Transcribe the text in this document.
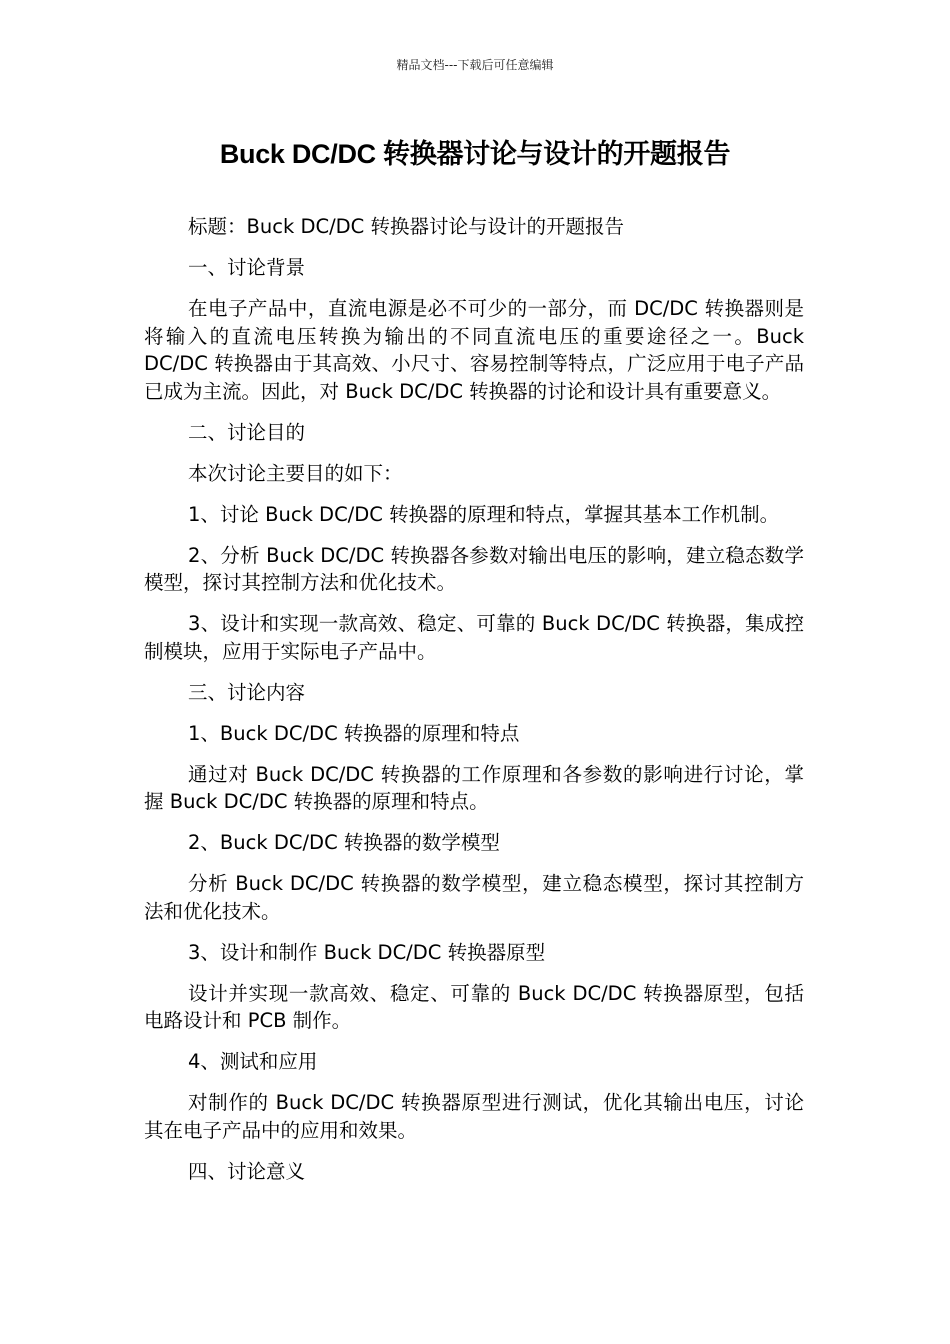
精品文档---下载后可任意编辑
Buck DC/DC 转换器讨论与设计的开题报告

标题：Buck DC/DC 转换器讨论与设计的开题报告

一、讨论背景

在电子产品中，直流电源是必不可少的一部分，而 DC/DC 转换器则是将输入的直流电压转换为输出的不同直流电压的重要途径之一。Buck DC/DC 转换器由于其高效、小尺寸、容易控制等特点，广泛应用于电子产品已成为主流。因此，对 Buck DC/DC 转换器的讨论和设计具有重要意义。

二、讨论目的

本次讨论主要目的如下：

1、讨论 Buck DC/DC 转换器的原理和特点，掌握其基本工作机制。

2、分析 Buck DC/DC 转换器各参数对输出电压的影响，建立稳态数学模型，探讨其控制方法和优化技术。

3、设计和实现一款高效、稳定、可靠的 Buck DC/DC 转换器，集成控制模块，应用于实际电子产品中。

三、讨论内容

1、Buck DC/DC 转换器的原理和特点

通过对 Buck DC/DC 转换器的工作原理和各参数的影响进行讨论，掌握 Buck DC/DC 转换器的原理和特点。

2、Buck DC/DC 转换器的数学模型

分析 Buck DC/DC 转换器的数学模型，建立稳态模型，探讨其控制方法和优化技术。

3、设计和制作 Buck DC/DC 转换器原型

设计并实现一款高效、稳定、可靠的 Buck DC/DC 转换器原型，包括电路设计和 PCB 制作。

4、测试和应用

对制作的 Buck DC/DC 转换器原型进行测试，优化其输出电压，讨论其在电子产品中的应用和效果。

四、讨论意义
